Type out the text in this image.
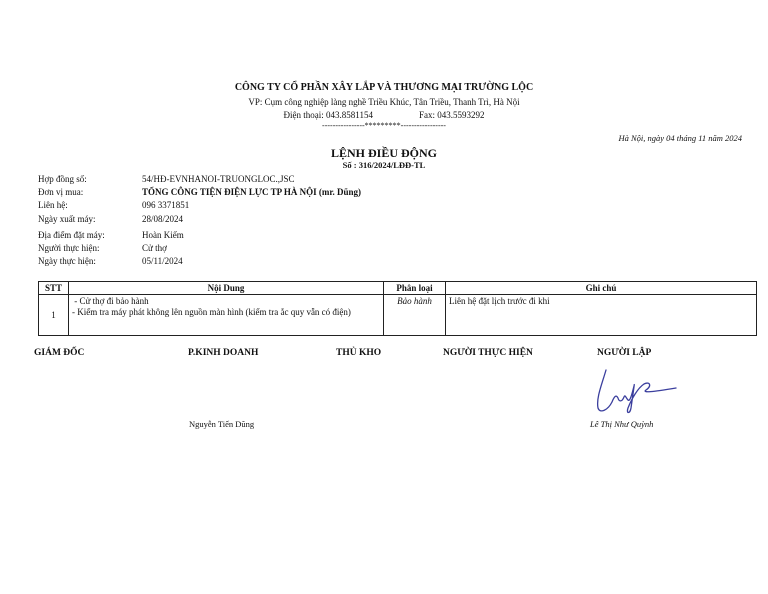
CÔNG TY CỔ PHẦN XÂY LẮP VÀ THƯƠNG MẠI TRƯỜNG LỘC
VP: Cụm công nghiệp làng nghề Triều Khúc, Tân Triều, Thanh Trì, Hà Nội
Điện thoại: 043.8581154	Fax: 043.5593292
----------------*********-----------------
Hà Nội, ngày 04 tháng 11 năm 2024
LỆNH ĐIỀU ĐỘNG
Số : 316/2024/LĐĐ-TL
Hợp đồng số:	54/HĐ-EVNHANOI-TRUONGLOC.,JSC
Đơn vị mua:	TỔNG CÔNG TIỆN ĐIỆN LỰC TP HÀ NỘI (mr. Dũng)
Liên hệ:	096 3371851
Ngày xuất máy:	28/08/2024
Địa điểm đặt máy:	Hoàn Kiếm
Người thực hiện:	Cử thợ
Ngày thực hiện:	05/11/2024
STT	Nội Dung	Phân loại	Ghi chú
1	- Cử thợ đi bảo hành
- Kiểm tra máy phát không lên nguồn màn hình (kiểm tra ắc quy vẫn có điện)	Bảo hành	Liên hệ đặt lịch trước đi khi
GIÁM ĐỐC	P.KINH DOANH	THỦ KHO	NGƯỜI THỰC HIỆN	NGƯỜI LẬP
Nguyễn Tiến Dũng	Lê Thị Như Quỳnh
